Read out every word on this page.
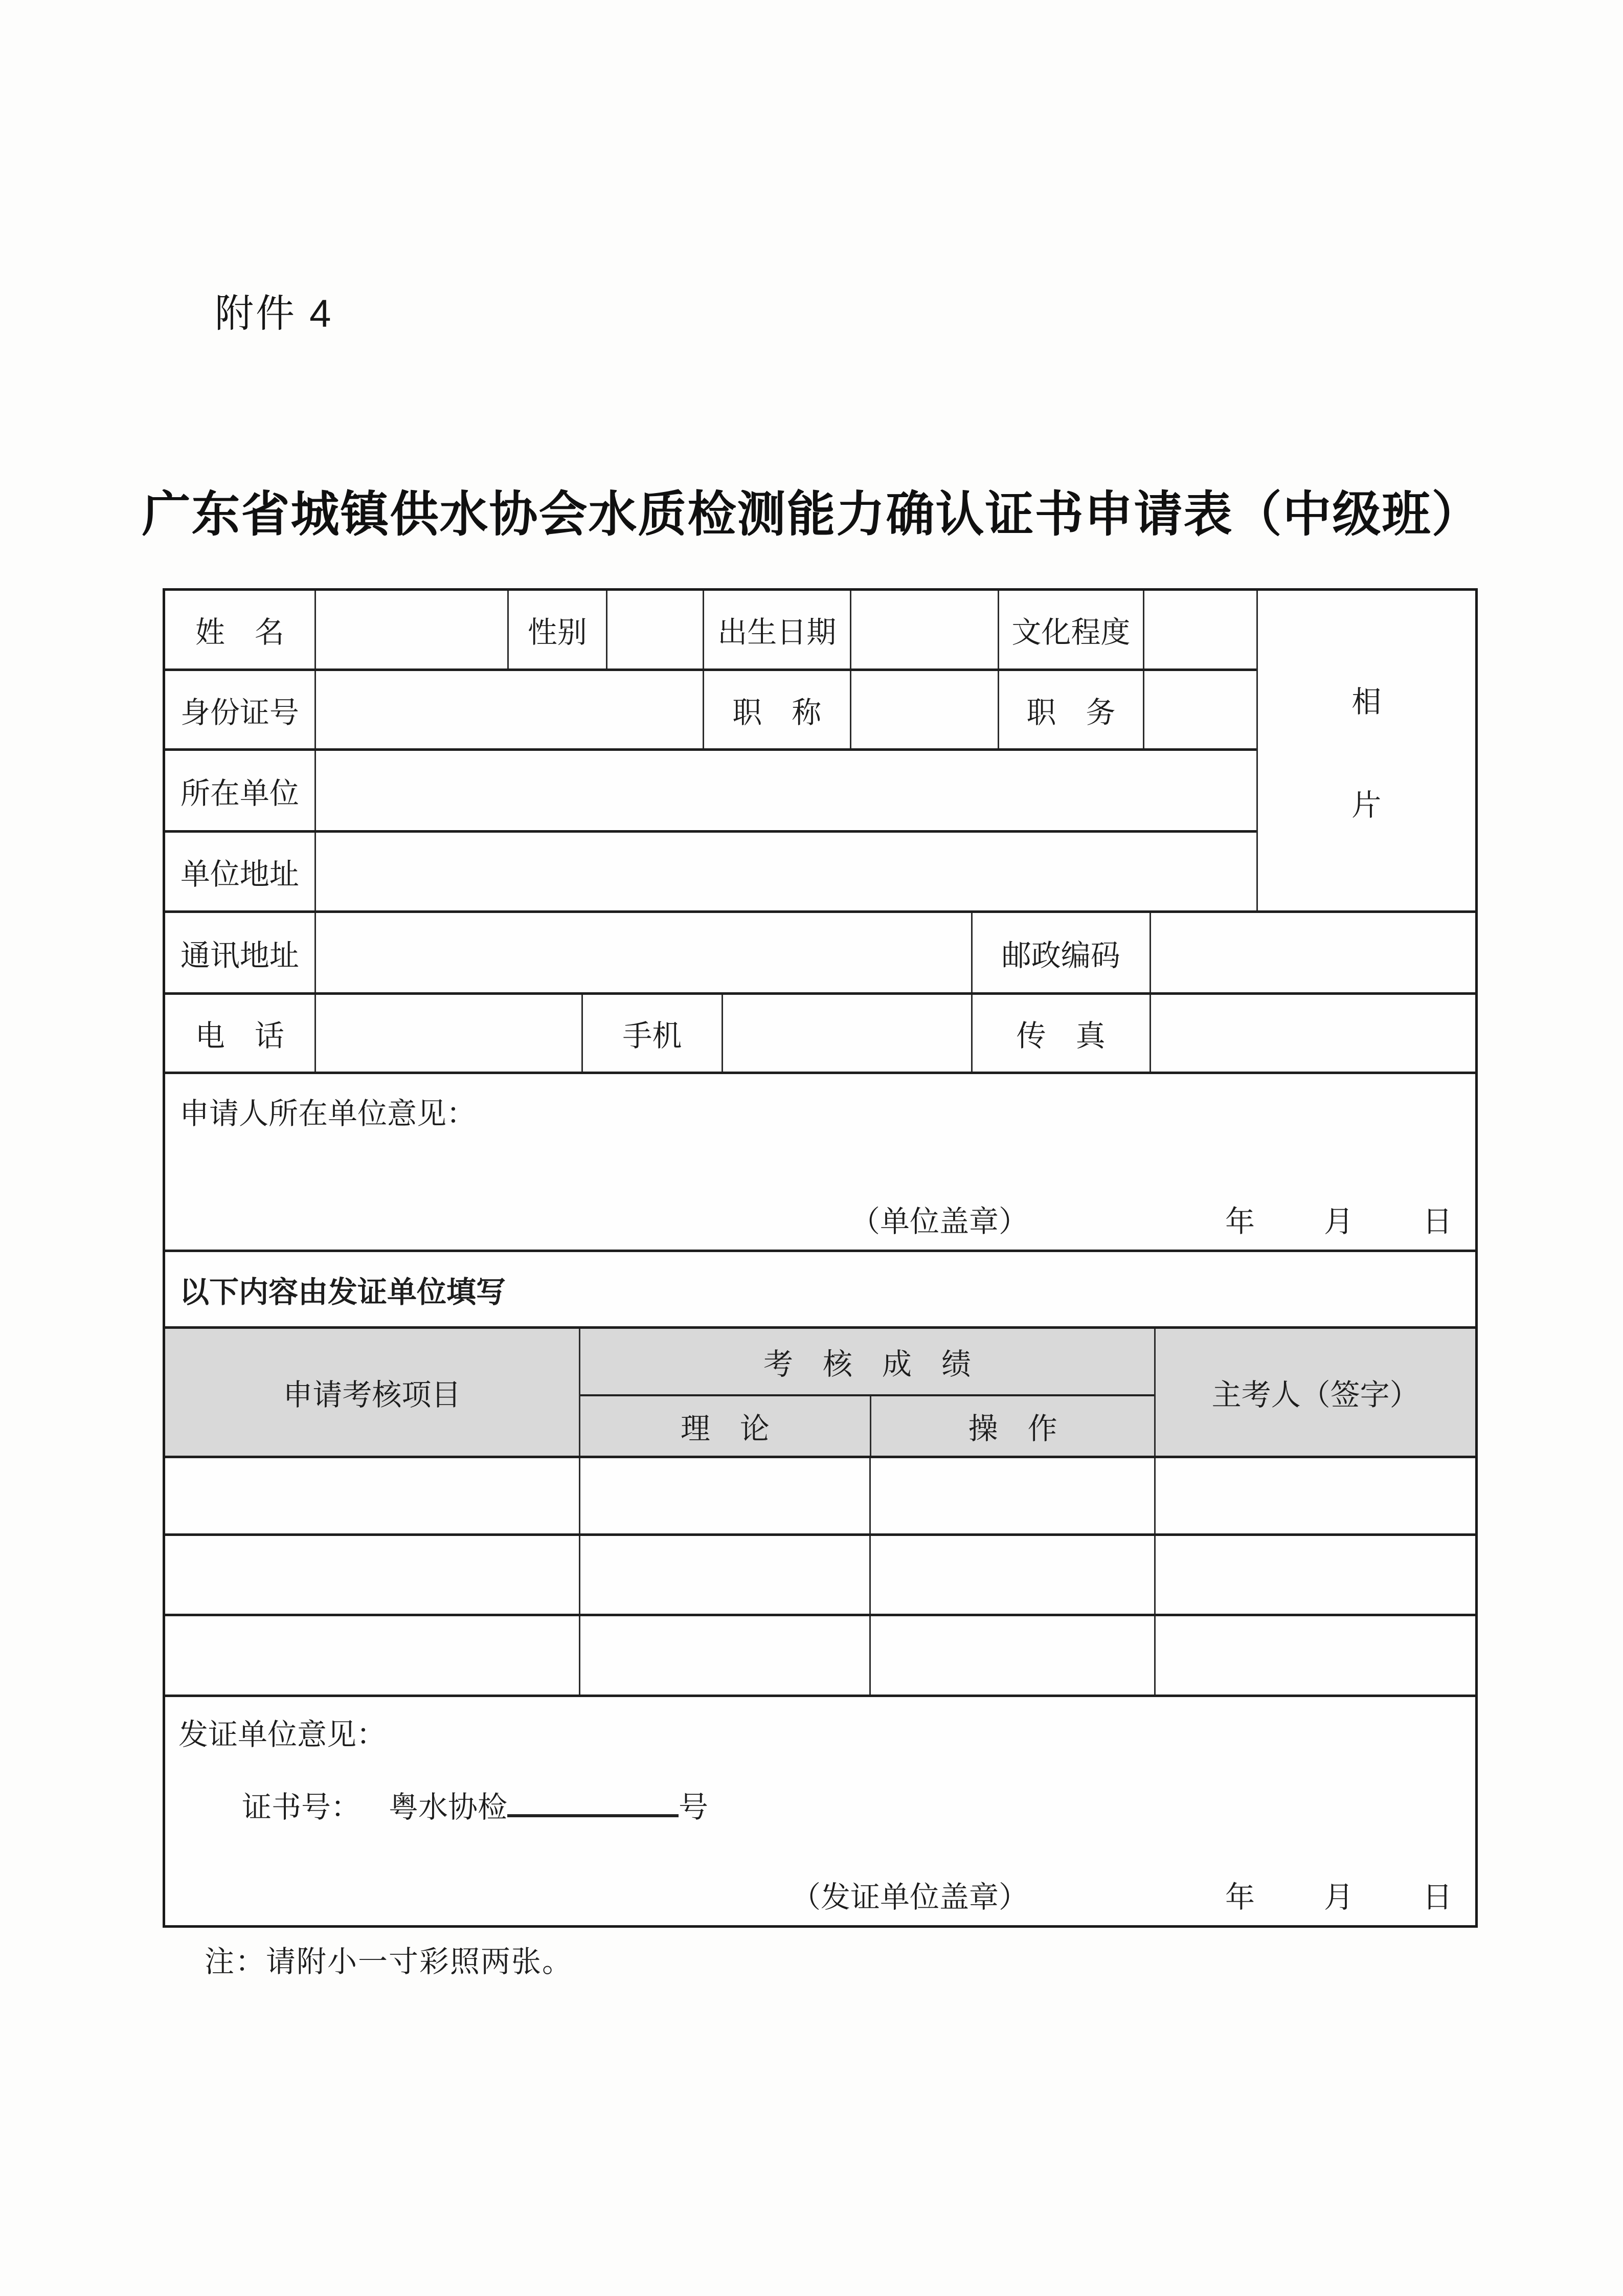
附件 4
广东省城镇供水协会水质检测能力确认证书申请表（中级班）
姓　名	性别	出生日期	文化程度
身份证号	职　称	职　务
所在单位
单位地址
相
片
通讯地址	邮政编码
电　话	手机	传　真
申请人所在单位意见：
（单位盖章）	年 月 日
以下内容由发证单位填写
申请考核项目
考　核　成　绩
理　论	操　作
主考人（签字）
发证单位意见：
证书号： 粤水协检	号
（发证单位盖章）	年 月 日
注：请附小一寸彩照两张。
